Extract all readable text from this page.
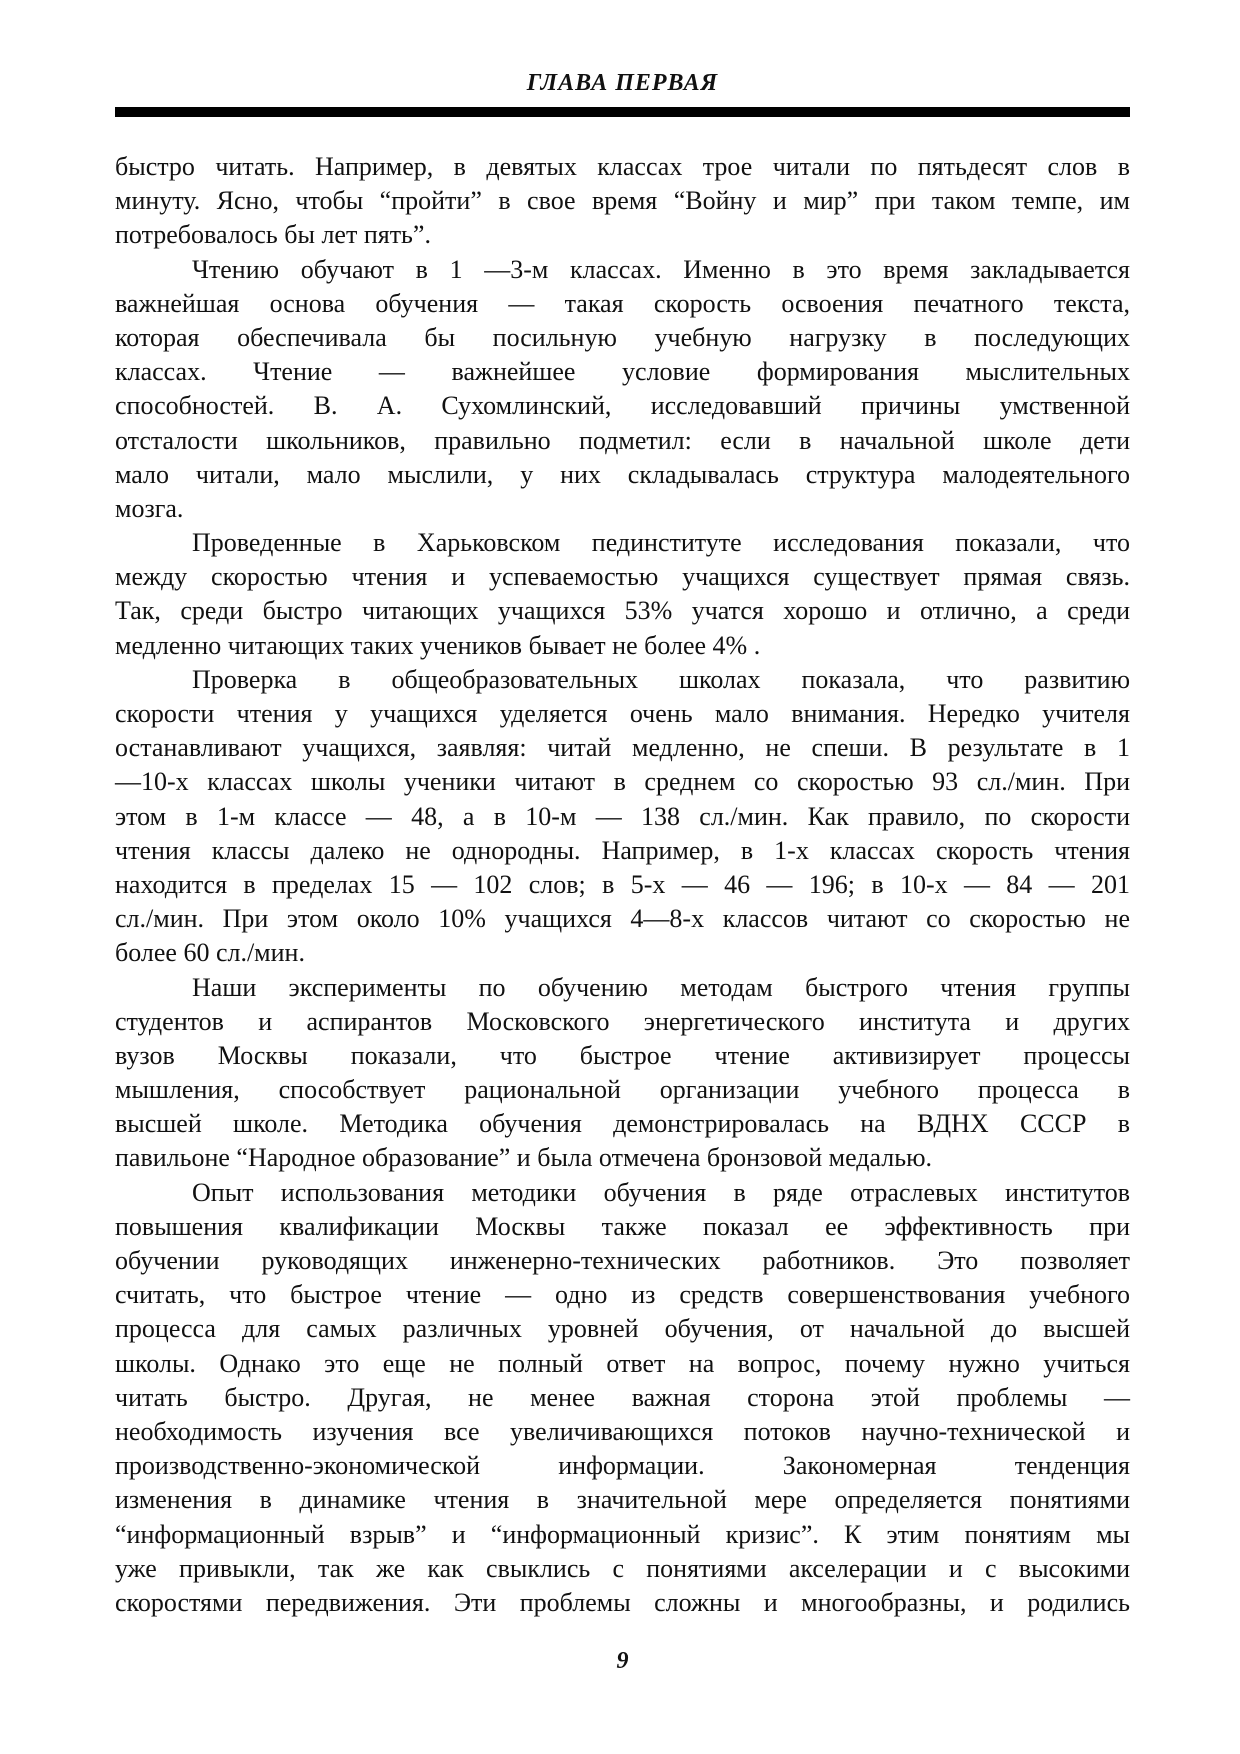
ГЛАВА ПЕРВАЯ
быстро читать. Например, в девятых классах трое читали по пятьдесят слов в
минуту. Ясно, чтобы “пройти” в свое время “Войну и мир” при таком темпе, им
потребовалось бы лет пять”.
Чтению обучают в 1 —3-м классах. Именно в это время закладывается
важнейшая основа обучения — такая скорость освоения печатного текста,
которая обеспечивала бы посильную учебную нагрузку в последующих
классах. Чтение — важнейшее условие формирования мыслительных
способностей. В. А. Сухомлинский, исследовавший причины умственной
отсталости школьников, правильно подметил: если в начальной школе дети
мало читали, мало мыслили, у них складывалась структура малодеятельного
мозга.
Проведенные в Харьковском пединституте исследования показали, что
между скоростью чтения и успеваемостью учащихся существует прямая связь.
Так, среди быстро читающих учащихся 53% учатся хорошо и отлично, а среди
медленно читающих таких учеников бывает не более 4% .
Проверка в общеобразовательных школах показала, что развитию
скорости чтения у учащихся уделяется очень мало внимания. Нередко учителя
останавливают учащихся, заявляя: читай медленно, не спеши. В результате в 1
—10-х классах школы ученики читают в среднем со скоростью 93 сл./мин. При
этом в 1-м классе — 48, а в 10-м — 138 сл./мин. Как правило, по скорости
чтения классы далеко не однородны. Например, в 1-х классах скорость чтения
находится в пределах 15 — 102 слов; в 5-х — 46 — 196; в 10-х — 84 — 201
сл./мин. При этом около 10% учащихся 4—8-х классов читают со скоростью не
более 60 сл./мин.
Наши эксперименты по обучению методам быстрого чтения группы
студентов и аспирантов Московского энергетического института и других
вузов Москвы показали, что быстрое чтение активизирует процессы
мышления, способствует рациональной организации учебного процесса в
высшей школе. Методика обучения демонстрировалась на ВДНХ СССР в
павильоне “Народное образование” и была отмечена бронзовой медалью.
Опыт использования методики обучения в ряде отраслевых институтов
повышения квалификации Москвы также показал ее эффективность при
обучении руководящих инженерно-технических работников. Это позволяет
считать, что быстрое чтение — одно из средств совершенствования учебного
процесса для самых различных уровней обучения, от начальной до высшей
школы. Однако это еще не полный ответ на вопрос, почему нужно учиться
читать быстро. Другая, не менее важная сторона этой проблемы —
необходимость изучения все увеличивающихся потоков научно-технической и
производственно-экономической информации. Закономерная тенденция
изменения в динамике чтения в значительной мере определяется понятиями
“информационный взрыв” и “информационный кризис”. К этим понятиям мы
уже привыкли, так же как свыклись с понятиями акселерации и с высокими
скоростями передвижения. Эти проблемы сложны и многообразны, и родились
9
